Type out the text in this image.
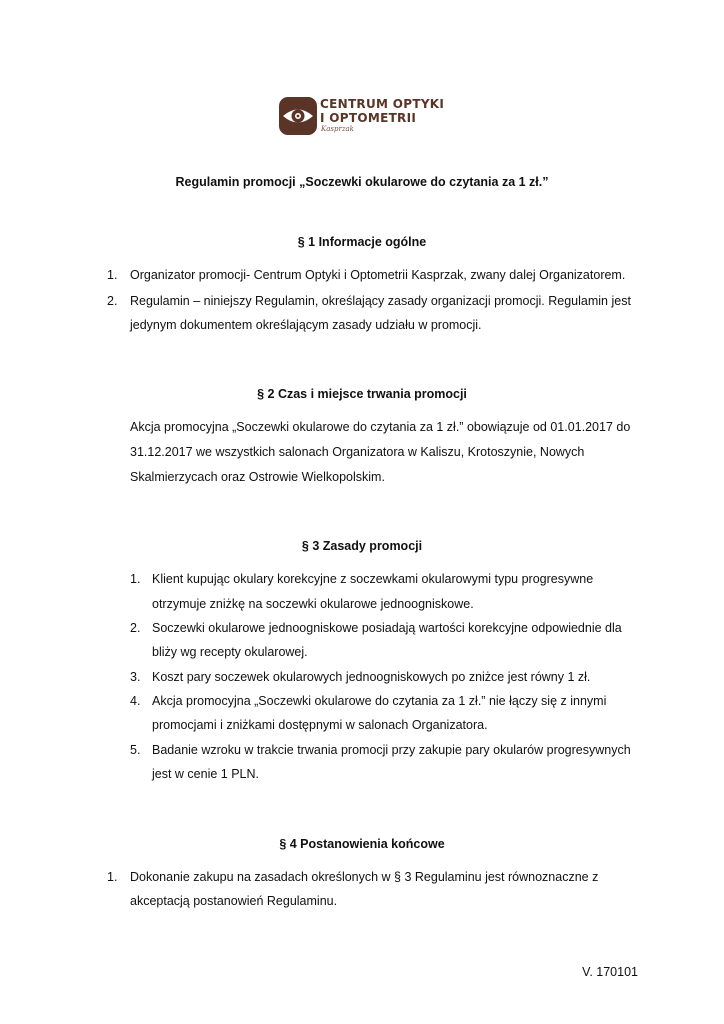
CENTRUM OPTYKI
I OPTOMETRII
Kasprzak
Regulamin promocji „Soczewki okularowe do czytania za 1 zł.”
§ 1 Informacje ogólne
1. Organizator promocji- Centrum Optyki i Optometrii Kasprzak, zwany dalej Organizatorem.
2. Regulamin – niniejszy Regulamin, określający zasady organizacji promocji. Regulamin jest
jedynym dokumentem określającym zasady udziału w promocji.
§ 2 Czas i miejsce trwania promocji
Akcja promocyjna „Soczewki okularowe do czytania za 1 zł.” obowiązuje od 01.01.2017 do
31.12.2017 we wszystkich salonach Organizatora w Kaliszu, Krotoszynie, Nowych
Skalmierzycach oraz Ostrowie Wielkopolskim.
§ 3 Zasady promocji
1. Klient kupując okulary korekcyjne z soczewkami okularowymi typu progresywne
otrzymuje zniżkę na soczewki okularowe jednoogniskowe.
2. Soczewki okularowe jednoogniskowe posiadają wartości korekcyjne odpowiednie dla
bliży wg recepty okularowej.
3. Koszt pary soczewek okularowych jednoogniskowych po zniżce jest równy 1 zł.
4. Akcja promocyjna „Soczewki okularowe do czytania za 1 zł.” nie łączy się z innymi
promocjami i zniżkami dostępnymi w salonach Organizatora.
5. Badanie wzroku w trakcie trwania promocji przy zakupie pary okularów progresywnych
jest w cenie 1 PLN.
§ 4 Postanowienia końcowe
1. Dokonanie zakupu na zasadach określonych w § 3 Regulaminu jest równoznaczne z
akceptacją postanowień Regulaminu.
V. 170101
